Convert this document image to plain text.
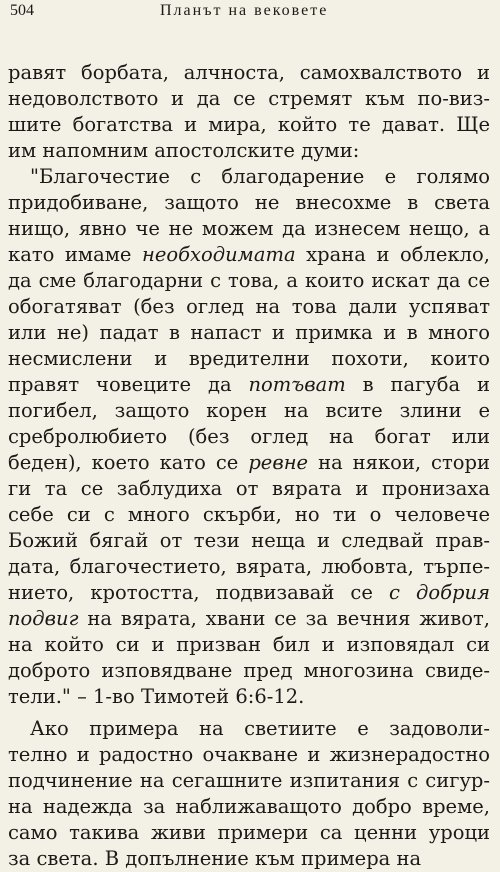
504	Планът на вековете
равят борбата, алчноста, самохвалството и
недоволството и да се стремят към по-виз-
шите богатства и мира, който те дават. Ще
им напомним апостолските думи:
"Благочестие с благодарение е голямо
придобиване, защото не внесохме в света
нищо, явно че не можем да изнесем нещо, а
като имаме необходимата храна и облекло,
да сме благодарни с това, а които искат да се
обогатяват (без оглед на това дали успяват
или не) падат в напаст и примка и в много
несмислени и вредителни похоти, които
правят човеците да потъват в пагуба и
погибел, защото корен на всите злини е
сребролюбието (без оглед на богат или
беден), което като се ревне на някои, стори
ги та се заблудиха от вярата и пронизаха
себе си с много скърби, но ти о человече
Божий бягай от тези неща и следвай прав-
дата, благочестието, вярата, любовта, търпе-
нието, кротостта, подвизавай се с добрия
подвиг на вярата, хвани се за вечния живот,
на който си и призван бил и изповядал си
доброто изповядване пред многозина свиде-
тели." – 1-во Тимотей 6:6-12.
Ако примера на светиите е задоволи-
телно и радостно очакване и жизнерадостно
подчинение на сегашните изпитания с сигур-
на надежда за наближаващото добро време,
само такива живи примери са ценни уроци
за света. В допълнение към примера на
